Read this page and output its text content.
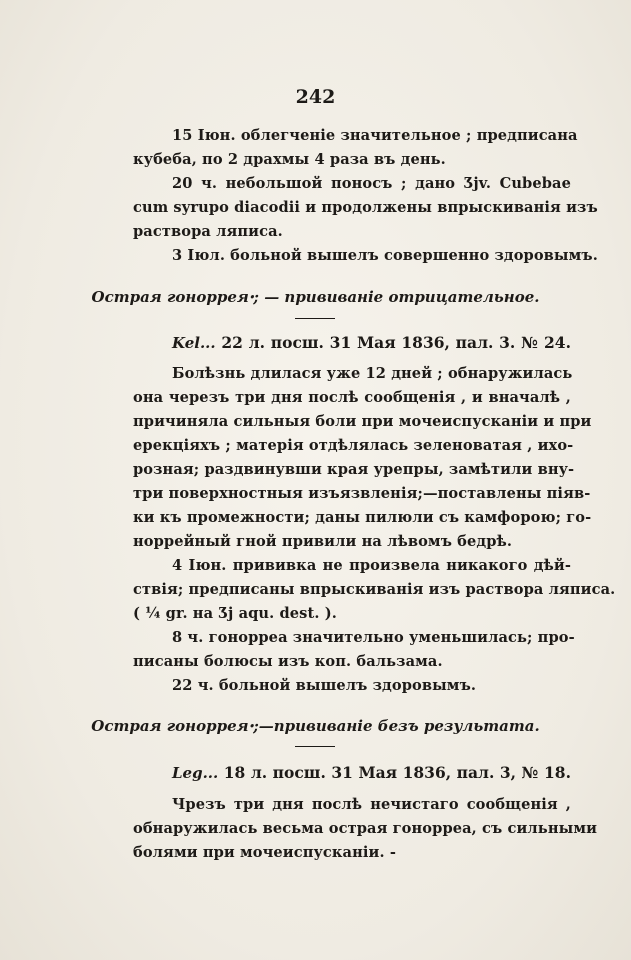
242
15 Іюн. облегченіе значительное ; предписана
кубеба, по 2 драхмы 4 раза въ день.
20 ч. небольшой поносъ ; дано Ʒjv. Cubebae
cum syrupo diacodii и продолжены впрыскиванія изъ
раствора ляписа.
3 Іюл. больной вышелъ совершенно здоровымъ.
Острая гонорреяꞏ; — прививаніе отрицательное.
Kel... 22 л. посш. 31 Мая 1836, пал. 3. № 24.
Болѣзнь длилася уже 12 дней ; обнаружилась
она черезъ три дня послѣ сообщенія , и вначалѣ ,
причиняла сильныя боли при мочеиспусканіи и при
ерекціяхъ ; матерія отдѣлялась зеленоватая , ихо-
розная; раздвинувши края урепры, замѣтили вну-
три поверхностныя изъязвленія;—поставлены піяв-
ки къ промежности; даны пилюли съ камфорою; го-
норрейный гной привили на лѣвомъ бедрѣ.
4 Іюн. прививка не произвела никакого дѣй-
ствія; предписаны впрыскиванія изъ раствора ляписа.
( ¼ gr. на Ʒj aqu. dest. ).
8 ч. гонорреа значительно уменьшилась; про-
писаны болюсы изъ коп. бальзама.
22 ч. больной вышелъ здоровымъ.
Острая гонорреяꞏ;—прививаніе безъ результата.
Leg... 18 л. посш. 31 Мая 1836, пал. 3, № 18.
Чрезъ три дня послѣ нечистаго сообщенія ,
обнаружилась весьма острая гонорреа, съ сильными
болями при мочеиспусканіи. -
